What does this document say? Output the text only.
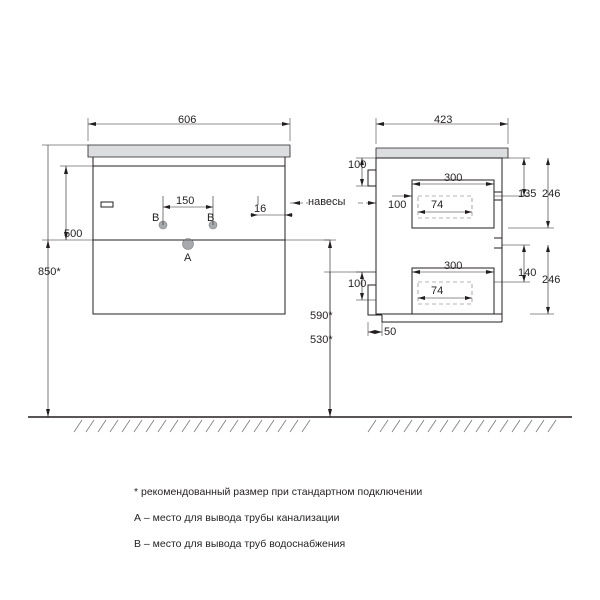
606
150
16
500
850*
А
В	В
навесы
423
100
100
300
74
135 246
100
300
74
140
246
50
590*
530*
* рекомендованный размер при стандартном подключении
А – место для вывода трубы канализации
В – место для вывода труб водоснабжения
